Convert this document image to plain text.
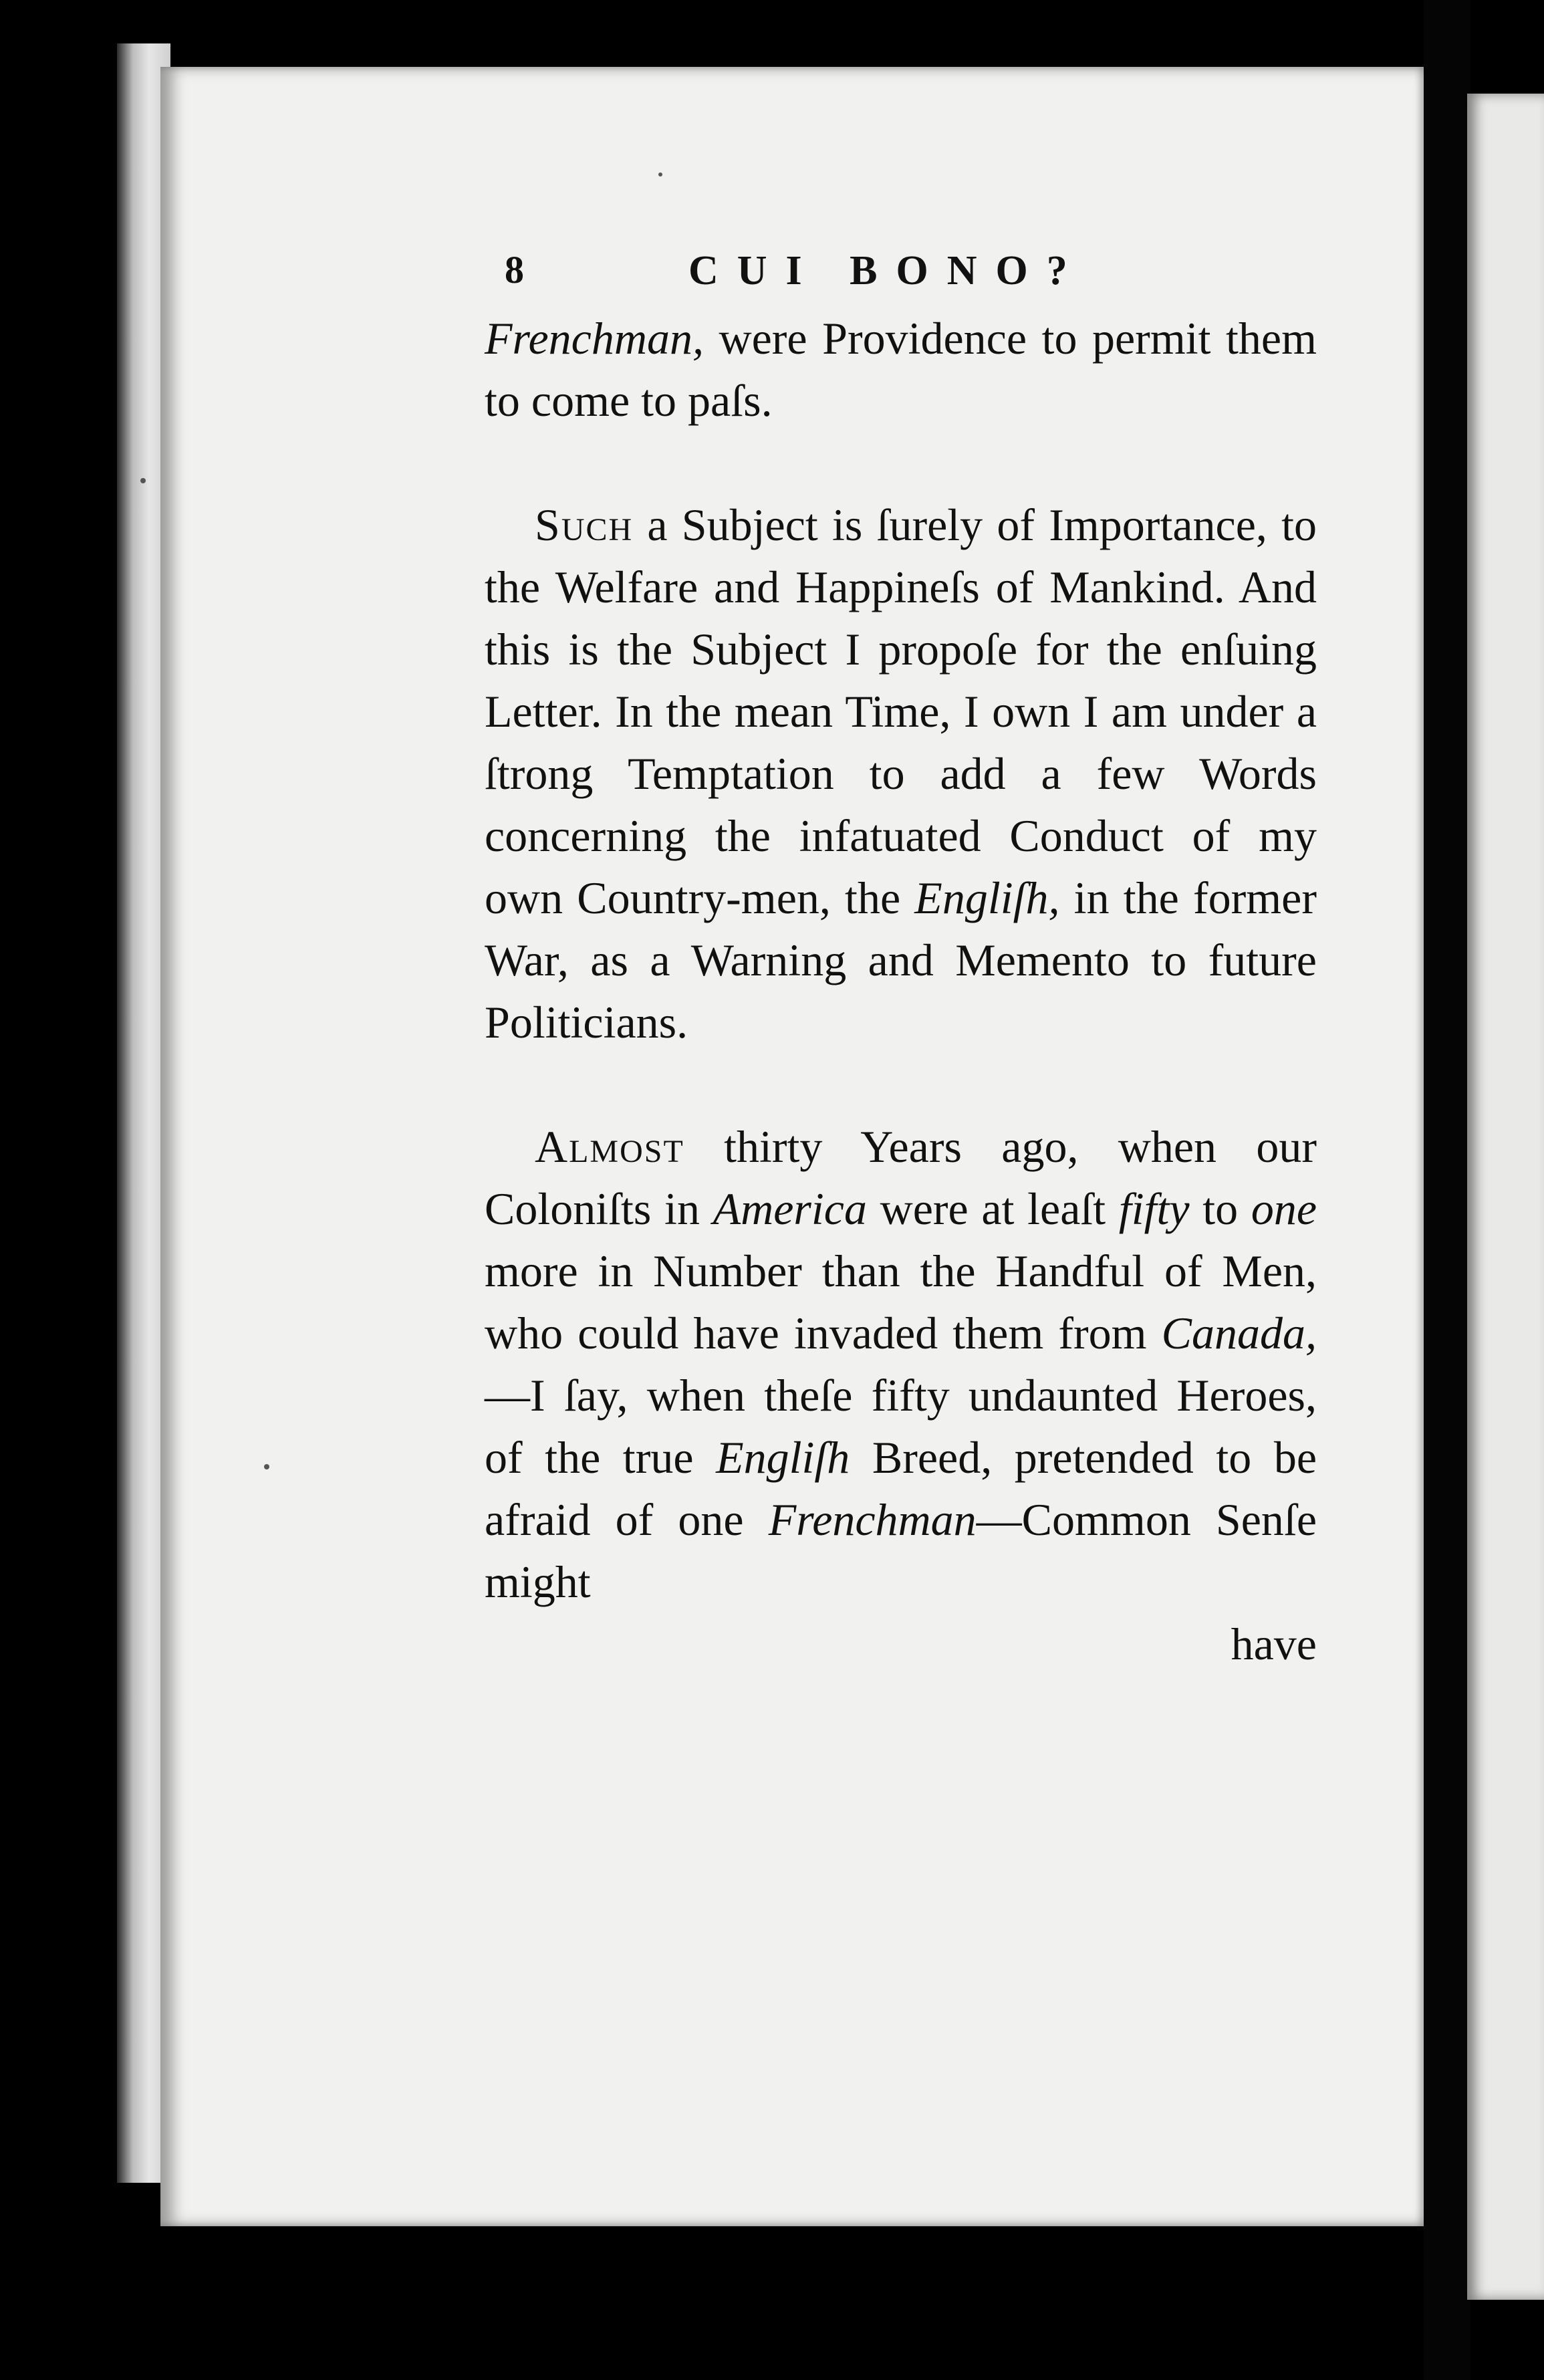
8	CUI BONO?

Frenchman, were Providence to permit them to come to paſs.

Such a Subject is ſurely of Importance, to the Welfare and Happineſs of Mankind. And this is the Subject I propoſe for the enſuing Letter. In the mean Time, I own I am under a ſtrong Temptation to add a few Words concerning the infatuated Conduct of my own Country-men, the Engliſh, in the former War, as a Warning and Memento to future Politicians.

Almost thirty Years ago, when our Coloniſts in America were at leaſt fifty to one more in Number than the Handful of Men, who could have invaded them from Canada,—I ſay, when theſe fifty undaunted Heroes, of the true Engliſh Breed, pretended to be afraid of one Frenchman—Common Senſe might

have
